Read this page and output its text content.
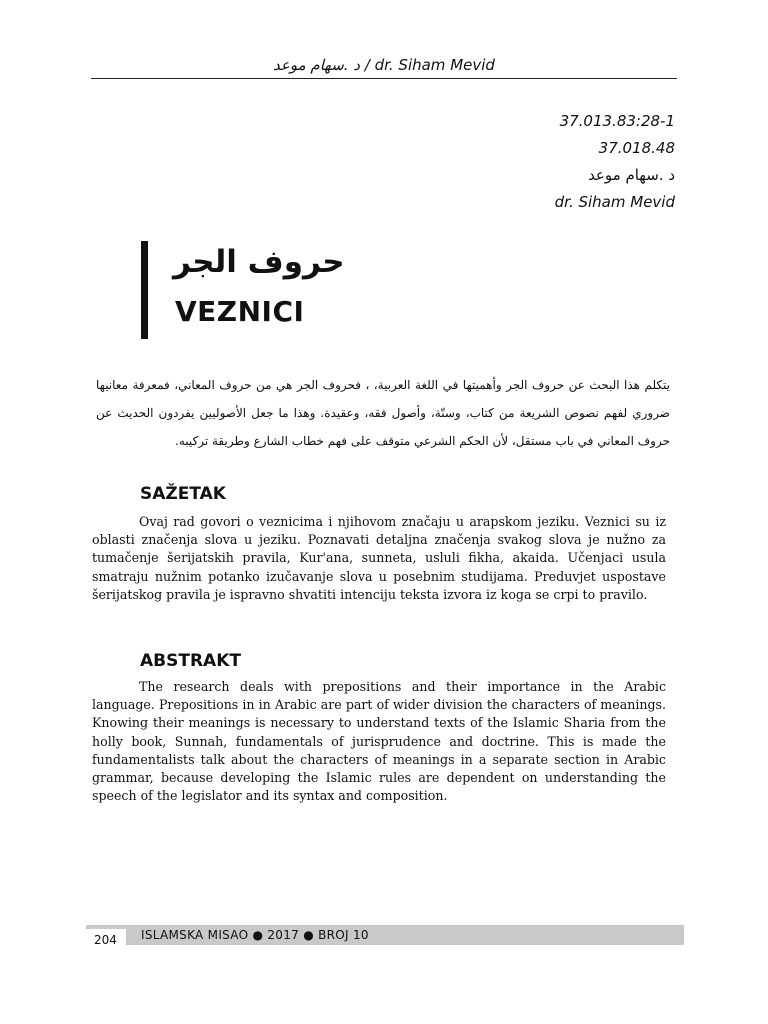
د .سهام موعد / dr. Siham Mevid
37.013.83:28-1
37.018.48
د .سهام موعد
dr. Siham Mevid
حروف الجر
VEZNICI
يتكلم هذا البحث عن حروف الجر وأهميتها في اللغة العربية، ، فحروف الجر هي من حروف المعاني، فمعرفة معانيها ضروري لفهم نصوص الشريعة من كتاب، وسنّة، وأصول فقه، وعقيدة. وهذا ما جعل الأصوليين يفردون الحديث عن حروف المعاني في باب مستقل، لأن الحكم الشرعي متوقف على فهم خطاب الشارع وطريقة تركيبه.
SAŽETAK
Ovaj rad govori o veznicima i njihovom značaju u arapskom jeziku. Veznici su iz oblasti značenja slova u jeziku. Poznavati detaljna značenja svakog slova je nužno za tumačenje šerijatskih pravila, Kur'ana, sunneta, usluli fikha, akaida. Učenjaci usula smatraju nužnim potanko izučavanje slova u posebnim studijama. Preduvjet uspostave šerijatskog pravila je ispravno shvatiti intenciju teksta izvora iz koga se crpi to pravilo.
ABSTRAKT
The research deals with prepositions and their importance in the Arabic language. Prepositions in in Arabic are part of wider division the characters of meanings. Knowing their meanings is necessary to understand texts of the Islamic Sharia from the holly book, Sunnah, fundamentals of jurisprudence and doctrine. This is made the fundamentalists talk about the characters of meanings in a separate section in Arabic grammar, because developing the Islamic rules are dependent on understanding the speech of the legislator and its syntax and composition.
204	ISLAMSKA MISAO ● 2017 ● BROJ 10
